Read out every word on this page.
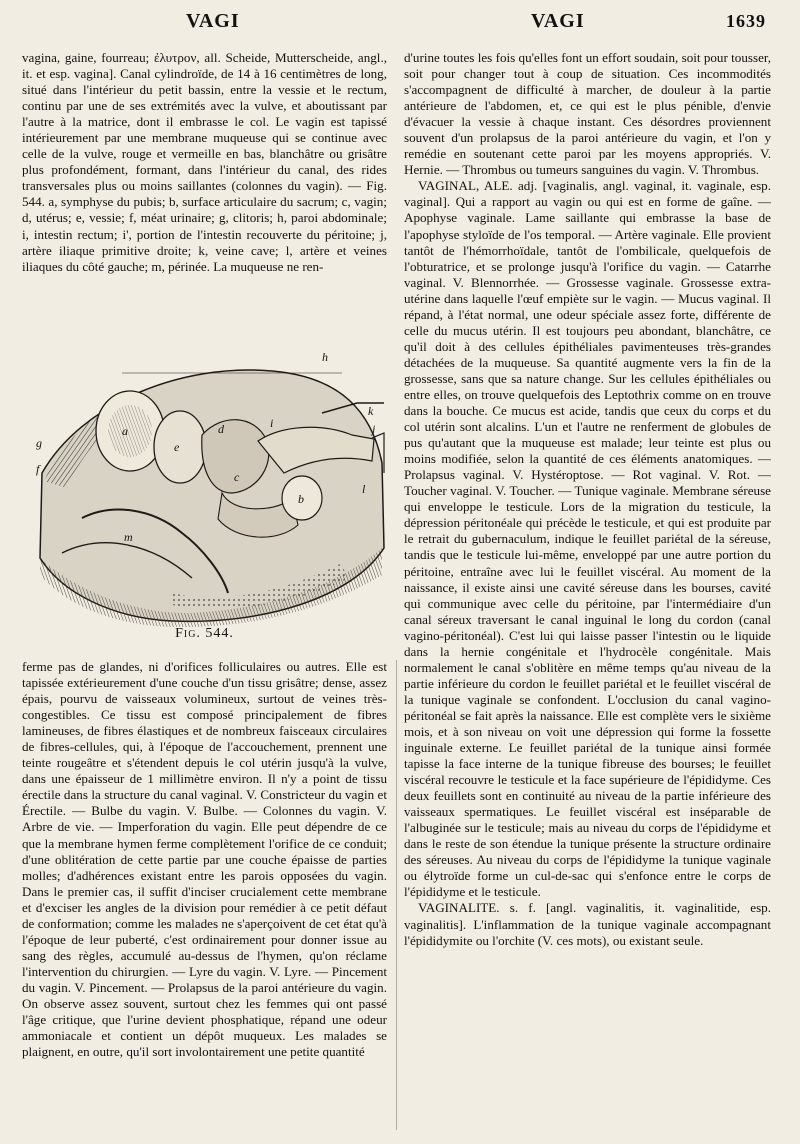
VAGI	VAGI	1639

vagina, gaine, fourreau; ἐλυτρον, all. Scheide, Mutterscheide, angl., it. et esp. vagina]. Canal cylindroïde, de 14 à 16 centimètres de long, situé dans l'intérieur du petit bassin, entre la vessie et le rectum, continu par une de ses extrémités avec la vulve, et aboutissant par l'autre à la matrice, dont il embrasse le col. Le vagin est tapissé intérieurement par une membrane muqueuse qui se continue avec celle de la vulve, rouge et vermeille en bas, blanchâtre ou grisâtre plus profondément, formant, dans l'intérieur du canal, des rides transversales plus ou moins saillantes (colonnes du vagin). — Fig. 544. a, symphyse du pubis; b, surface articulaire du sacrum; c, vagin; d, utérus; e, vessie; f, méat urinaire; g, clitoris; h, paroi abdominale; i, intestin rectum; i', portion de l'intestin recouverte du péritoine; j, artère iliaque primitive droite; k, veine cave; l, artère et veines iliaques du côté gauche; m, périnée. La muqueuse ne ren-

h
k
j
i
d
g
f
b
c
e
a
l
m
Fig. 544.

ferme pas de glandes, ni d'orifices folliculaires ou autres. Elle est tapissée extérieurement d'une couche d'un tissu grisâtre; dense, assez épais, pourvu de vaisseaux volumineux, surtout de veines très-congestibles. Ce tissu est composé principalement de fibres lamineuses, de fibres élastiques et de nombreux faisceaux circulaires de fibres-cellules, qui, à l'époque de l'accouchement, prennent une teinte rougeâtre et s'étendent depuis le col utérin jusqu'à la vulve, dans une épaisseur de 1 millimètre environ. Il n'y a point de tissu érectile dans la structure du canal vaginal. V. Constricteur du vagin et Érectile. — Bulbe du vagin. V. Bulbe. — Colonnes du vagin. V. Arbre de vie. — Imperforation du vagin. Elle peut dépendre de ce que la membrane hymen ferme complètement l'orifice de ce conduit; d'une oblitération de cette partie par une couche épaisse de parties molles; d'adhérences existant entre les parois opposées du vagin. Dans le premier cas, il suffit d'inciser crucialement cette membrane et d'exciser les angles de la division pour remédier à ce petit défaut de conformation; comme les malades ne s'aperçoivent de cet état qu'à l'époque de leur puberté, c'est ordinairement pour donner issue au sang des règles, accumulé au-dessus de l'hymen, qu'on réclame l'intervention du chirurgien. — Lyre du vagin. V. Lyre. — Pincement du vagin. V. Pincement. — Prolapsus de la paroi antérieure du vagin. On observe assez souvent, surtout chez les femmes qui ont passé l'âge critique, que l'urine devient phosphatique, répand une odeur ammoniacale et contient un dépôt muqueux. Les malades se plaignent, en outre, qu'il sort involontairement une petite quantité

d'urine toutes les fois qu'elles font un effort soudain, soit pour tousser, soit pour changer tout à coup de situation. Ces incommodités s'accompagnent de difficulté à marcher, de douleur à la partie antérieure de l'abdomen, et, ce qui est le plus pénible, d'envie d'évacuer la vessie à chaque instant. Ces désordres proviennent souvent d'un prolapsus de la paroi antérieure du vagin, et l'on y remédie en soutenant cette paroi par les moyens appropriés. V. Hernie. — Thrombus ou tumeurs sanguines du vagin. V. Thrombus.

VAGINAL, ALE. adj. [vaginalis, angl. vaginal, it. vaginale, esp. vaginal]. Qui a rapport au vagin ou qui est en forme de gaîne. — Apophyse vaginale. Lame saillante qui embrasse la base de l'apophyse styloïde de l'os temporal. — Artère vaginale. Elle provient tantôt de l'hémorrhoïdale, tantôt de l'ombilicale, quelquefois de l'obturatrice, et se prolonge jusqu'à l'orifice du vagin. — Catarrhe vaginal. V. Blennorrhée. — Grossesse vaginale. Grossesse extra-utérine dans laquelle l'œuf empiète sur le vagin. — Mucus vaginal. Il répand, à l'état normal, une odeur spéciale assez forte, différente de celle du mucus utérin. Il est toujours peu abondant, blanchâtre, ce qu'il doit à des cellules épithéliales pavimenteuses très-grandes détachées de la muqueuse. Sa quantité augmente vers la fin de la grossesse, sans que sa nature change. Sur les cellules épithéliales ou entre elles, on trouve quelquefois des Leptothrix comme on en trouve dans la bouche. Ce mucus est acide, tandis que ceux du corps et du col utérin sont alcalins. L'un et l'autre ne renferment de globules de pus qu'autant que la muqueuse est malade; leur teinte est plus ou moins modifiée, selon la quantité de ces éléments anatomiques. — Prolapsus vaginal. V. Hystéroptose. — Rot vaginal. V. Rot. — Toucher vaginal. V. Toucher. — Tunique vaginale. Membrane séreuse qui enveloppe le testicule. Lors de la migration du testicule, la dépression péritonéale qui précède le testicule, et qui est produite par le retrait du gubernaculum, indique le feuillet pariétal de la séreuse, tandis que le testicule lui-même, enveloppé par une autre portion du péritoine, entraîne avec lui le feuillet viscéral. Au moment de la naissance, il existe ainsi une cavité séreuse dans les bourses, cavité qui communique avec celle du péritoine, par l'intermédiaire d'un canal séreux traversant le canal inguinal le long du cordon (canal vagino-péritonéal). C'est lui qui laisse passer l'intestin ou le liquide dans la hernie congénitale et l'hydrocèle congénitale. Mais normalement le canal s'oblitère en même temps qu'au niveau de la partie inférieure du cordon le feuillet pariétal et le feuillet viscéral de la tunique vaginale se confondent. L'occlusion du canal vagino-péritonéal se fait après la naissance. Elle est complète vers le sixième mois, et à son niveau on voit une dépression qui forme la fossette inguinale externe. Le feuillet pariétal de la tunique ainsi formée tapisse la face interne de la tunique fibreuse des bourses; le feuillet viscéral recouvre le testicule et la face supérieure de l'épididyme. Ces deux feuillets sont en continuité au niveau de la partie inférieure des vaisseaux spermatiques. Le feuillet viscéral est inséparable de l'albuginée sur le testicule; mais au niveau du corps de l'épididyme et dans le reste de son étendue la tunique présente la structure ordinaire des séreuses. Au niveau du corps de l'épididyme la tunique vaginale ou élytroïde forme un cul-de-sac qui s'enfonce entre le corps de l'épididyme et le testicule.

VAGINALITE. s. f. [angl. vaginalitis, it. vaginalitide, esp. vaginalitis]. L'inflammation de la tunique vaginale accompagnant l'épididymite ou l'orchite (V. ces mots), ou existant seule.
